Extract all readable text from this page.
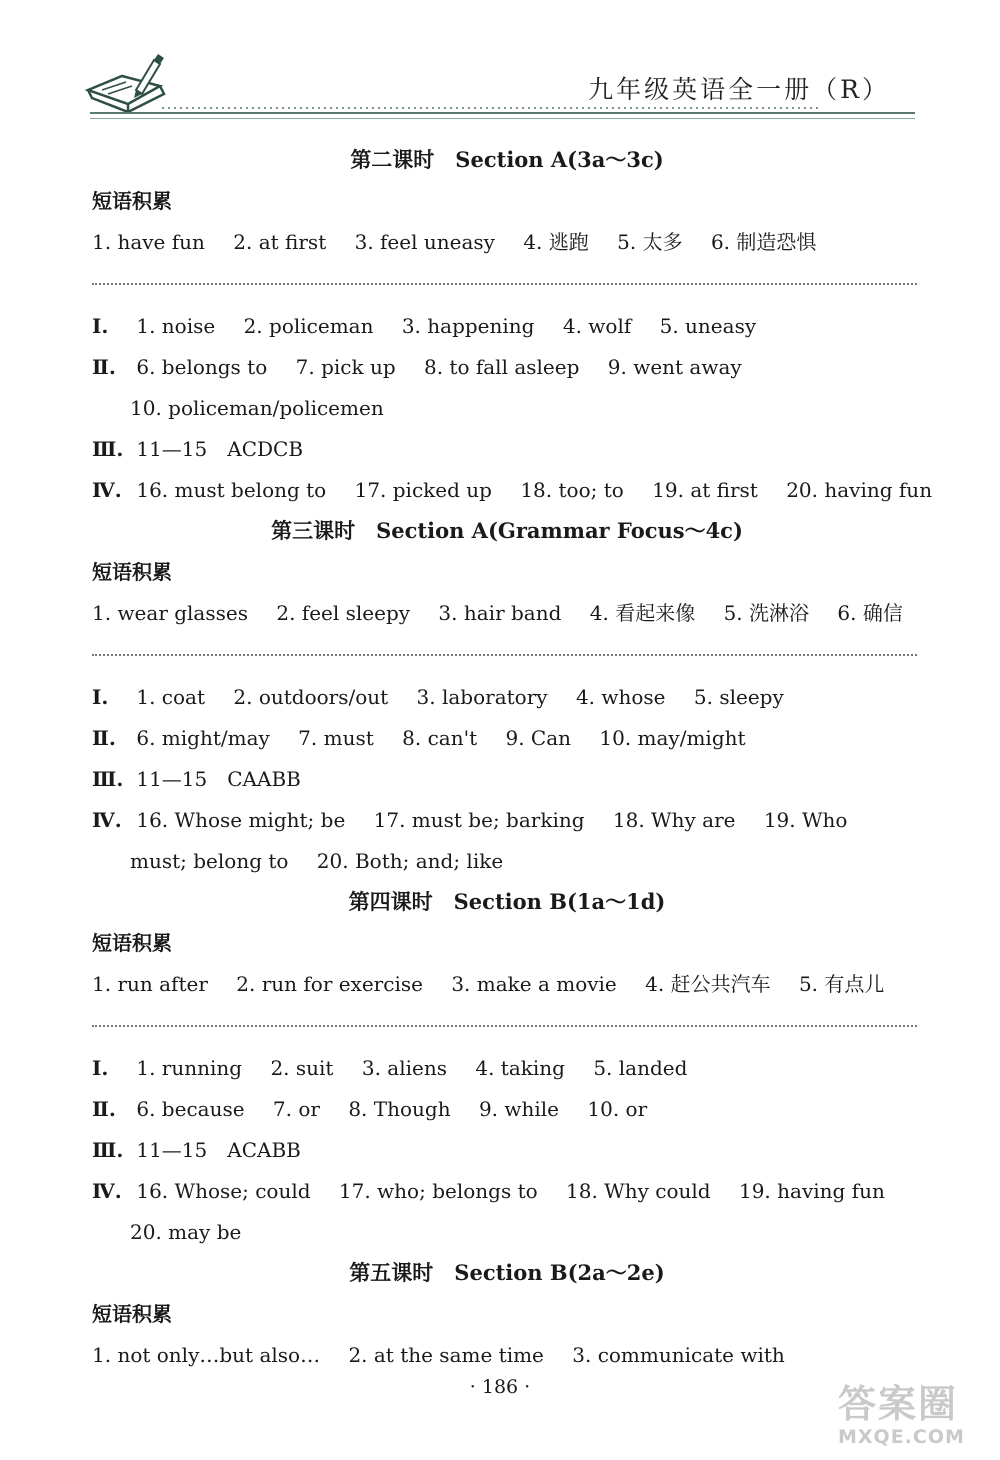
九年级英语全一册（R）
第二课时　Section A(3a～3c)
短语积累
1. have fun 2. at first 3. feel uneasy 4. 逃跑 5. 太多 6. 制造恐惧
Ⅰ. 1. noise 2. policeman 3. happening 4. wolf 5. uneasy
Ⅱ. 6. belongs to 7. pick up 8. to fall asleep 9. went away
10. policeman/policemen
Ⅲ. 11—15　ACDCB
Ⅳ. 16. must belong to 17. picked up 18. too; to 19. at first 20. having fun
第三课时　Section A(Grammar Focus～4c)
短语积累
1. wear glasses 2. feel sleepy 3. hair band 4. 看起来像 5. 洗淋浴 6. 确信
Ⅰ. 1. coat 2. outdoors/out 3. laboratory 4. whose 5. sleepy
Ⅱ. 6. might/may 7. must 8. can't 9. Can 10. may/might
Ⅲ. 11—15　CAABB
Ⅳ. 16. Whose might; be 17. must be; barking 18. Why are 19. Who
must; belong to 20. Both; and; like
第四课时　Section B(1a～1d)
短语积累
1. run after 2. run for exercise 3. make a movie 4. 赶公共汽车 5. 有点儿
Ⅰ. 1. running 2. suit 3. aliens 4. taking 5. landed
Ⅱ. 6. because 7. or 8. Though 9. while 10. or
Ⅲ. 11—15　ACABB
Ⅳ. 16. Whose; could 17. who; belongs to 18. Why could 19. having fun
20. may be
第五课时　Section B(2a～2e)
短语积累
1. not only…but also… 2. at the same time 3. communicate with
· 186 ·	答案圈
MXQE.COM
